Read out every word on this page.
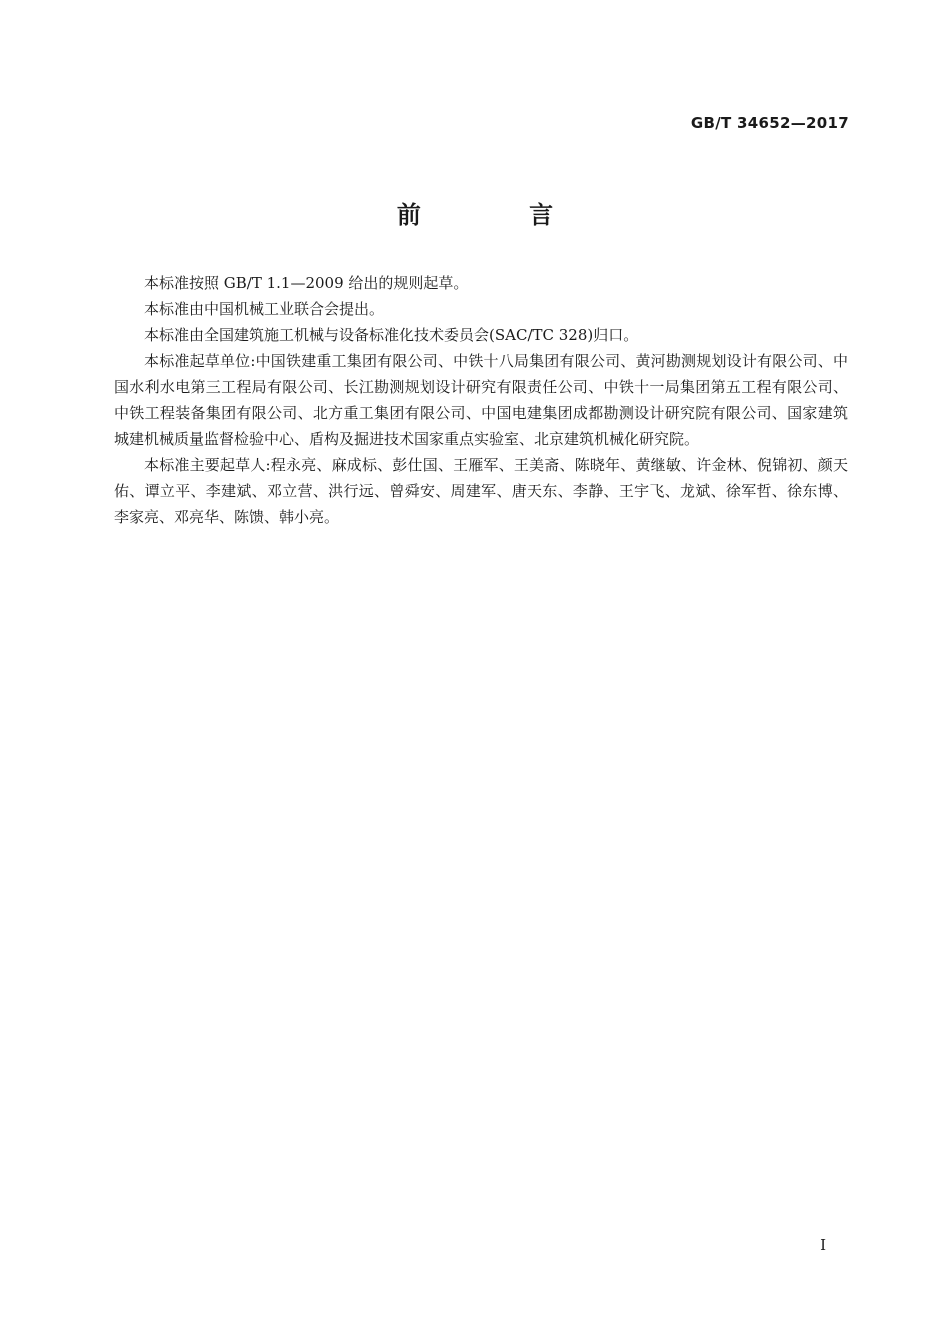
GB/T 34652—2017
前 言

本标准按照 GB/T 1.1—2009 给出的规则起草。

本标准由中国机械工业联合会提出。

本标准由全国建筑施工机械与设备标准化技术委员会(SAC/TC 328)归口。

本标准起草单位:中国铁建重工集团有限公司、中铁十八局集团有限公司、黄河勘测规划设计有限公司、中国水利水电第三工程局有限公司、长江勘测规划设计研究有限责任公司、中铁十一局集团第五工程有限公司、中铁工程装备集团有限公司、北方重工集团有限公司、中国电建集团成都勘测设计研究院有限公司、国家建筑城建机械质量监督检验中心、盾构及掘进技术国家重点实验室、北京建筑机械化研究院。

本标准主要起草人:程永亮、麻成标、彭仕国、王雁军、王美斋、陈晓年、黄继敏、许金林、倪锦初、颜天佑、谭立平、李建斌、邓立营、洪行远、曾舜安、周建军、唐天东、李静、王宇飞、龙斌、徐军哲、徐东博、李家亮、邓亮华、陈馈、韩小亮。

I
